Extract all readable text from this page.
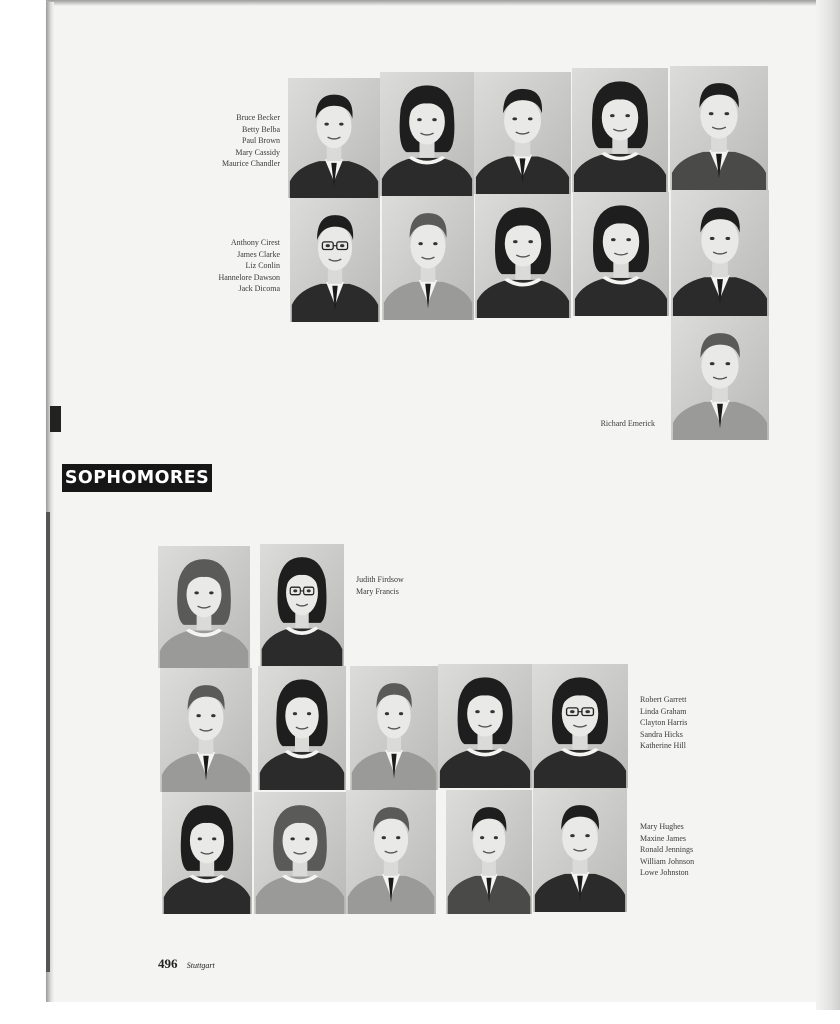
Bruce Becker
Betty Belba
Paul Brown
Mary Cassidy
Maurice Chandler
Anthony Cirest
James Clarke
Liz Conlin
Hannelore Dawson
Jack Dicoma
Richard Emerick
SOPHOMORES
Judith Firdsow
Mary Francis
Robert Garrett
Linda Graham
Clayton Harris
Sandra Hicks
Katherine Hill
Mary Hughes
Maxine James
Ronald Jennings
William Johnson
Lowe Johnston
496 Stuttgart
